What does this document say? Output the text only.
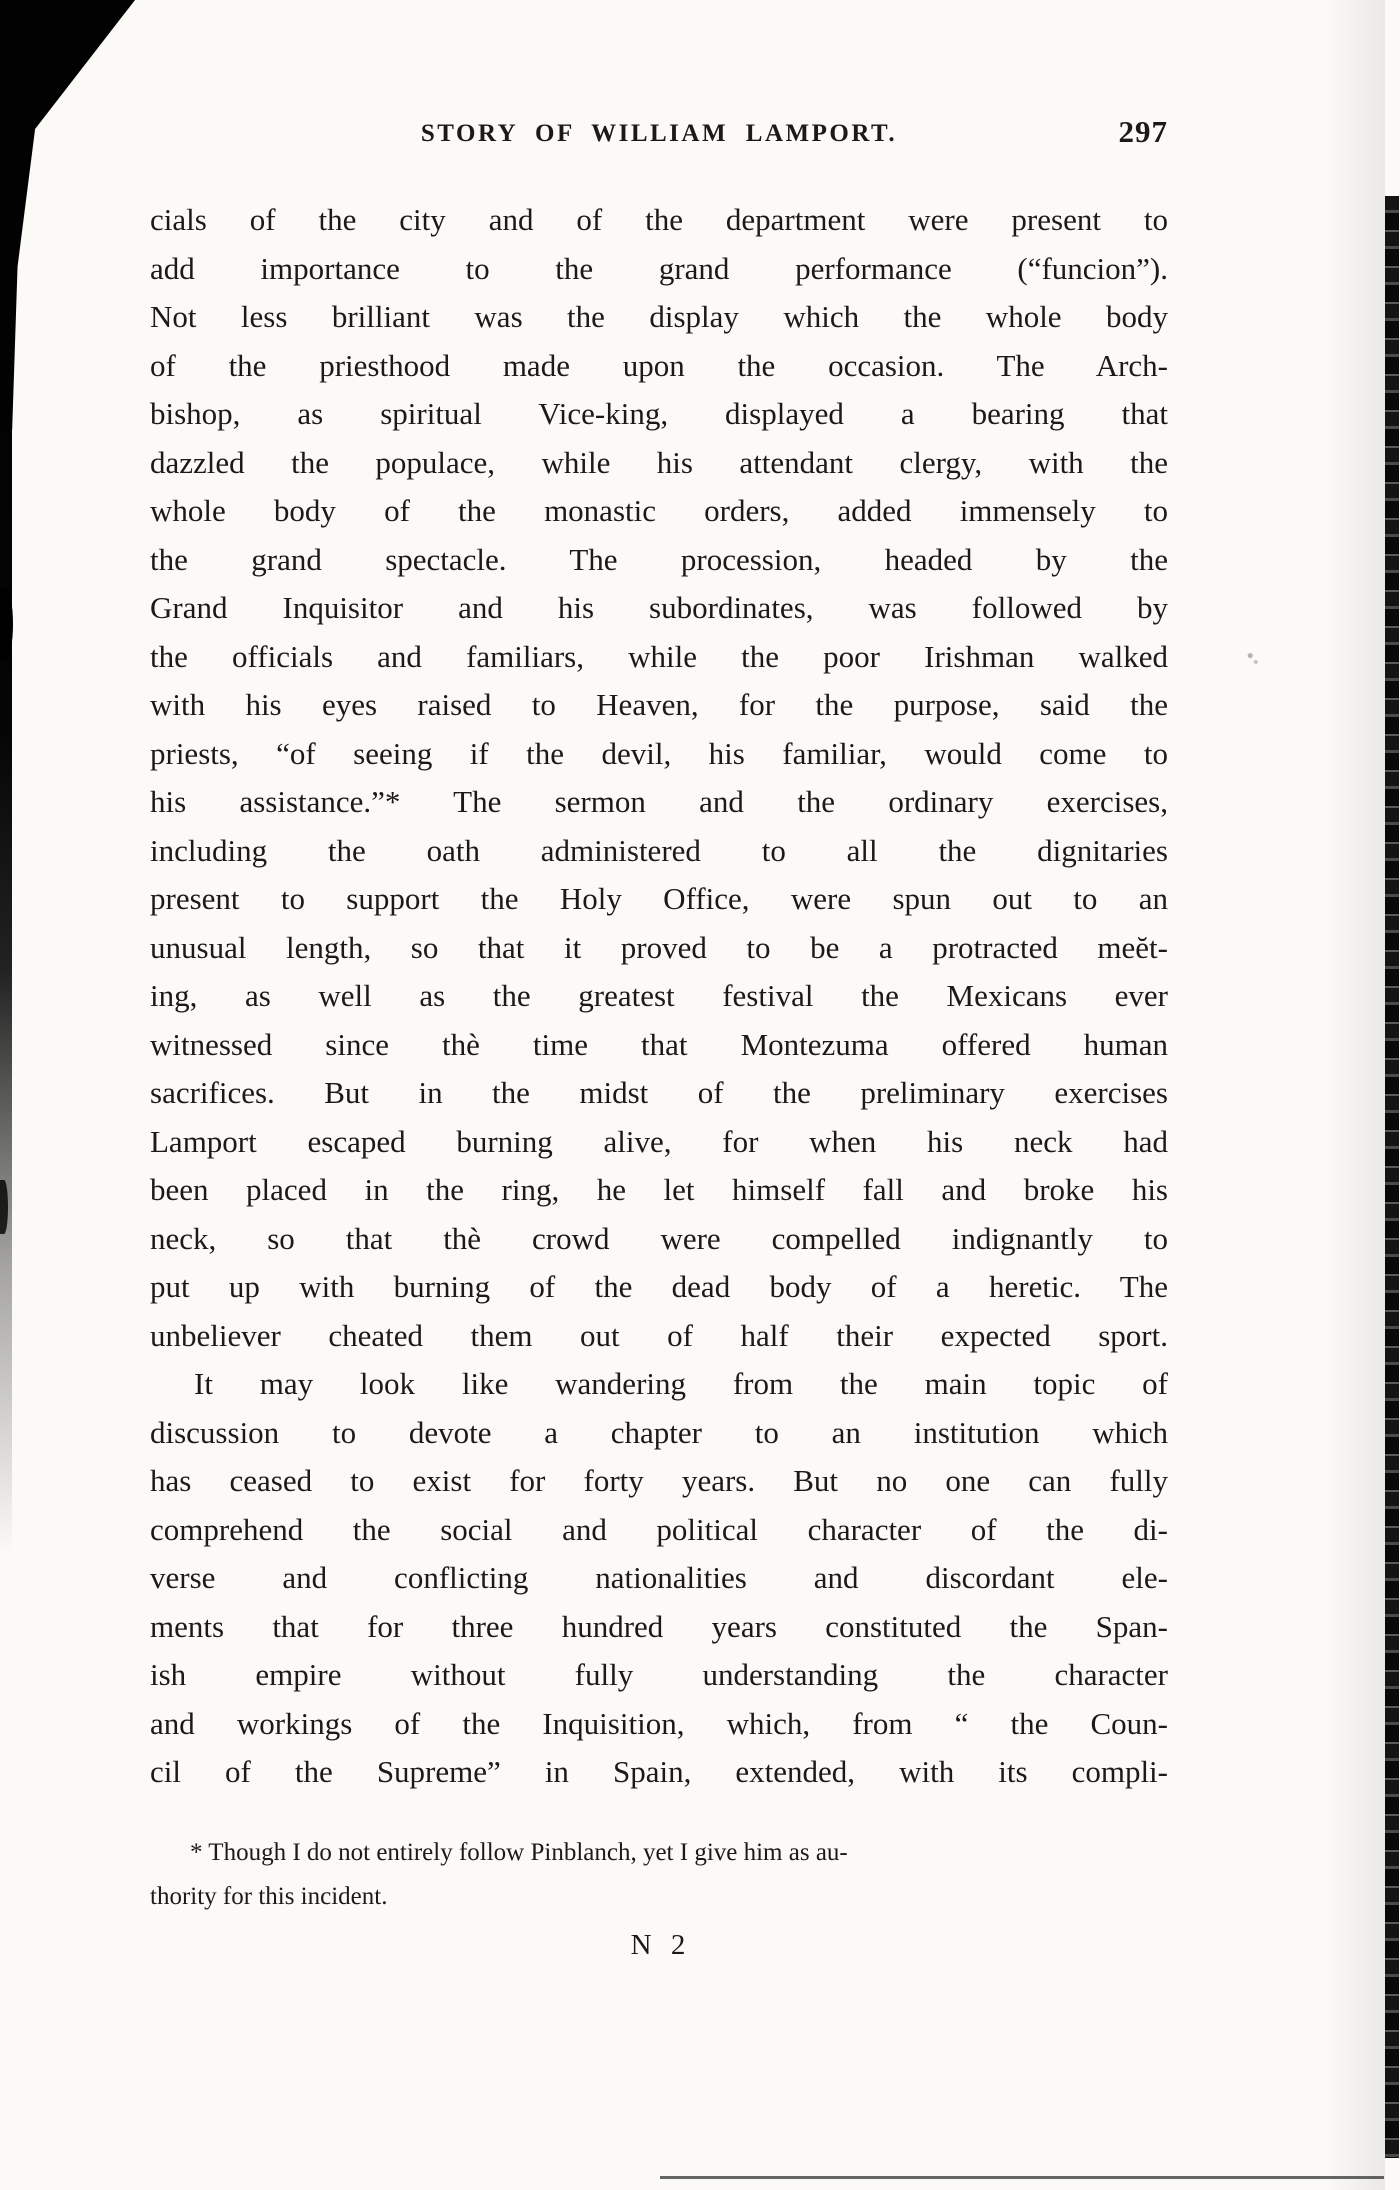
STORY OF WILLIAM LAMPORT.	297
cials of the city and of the department were present to
add importance to the grand performance (“funcion”).
Not less brilliant was the display which the whole body
of the priesthood made upon the occasion. The Arch-
bishop, as spiritual Vice-king, displayed a bearing that
dazzled the populace, while his attendant clergy, with the
whole body of the monastic orders, added immensely to
the grand spectacle. The procession, headed by the
Grand Inquisitor and his subordinates, was followed by
the officials and familiars, while the poor Irishman walked
with his eyes raised to Heaven, for the purpose, said the
priests, “of seeing if the devil, his familiar, would come to
his assistance.”* The sermon and the ordinary exercises,
including the oath administered to all the dignitaries
present to support the Holy Office, were spun out to an
unusual length, so that it proved to be a protracted meĕt-
ing, as well as the greatest festival the Mexicans ever
witnessed since thè time that Montezuma offered human
sacrifices. But in the midst of the preliminary exercises
Lamport escaped burning alive, for when his neck had
been placed in the ring, he let himself fall and broke his
neck, so that thè crowd were compelled indignantly to
put up with burning of the dead body of a heretic. The
unbeliever cheated them out of half their expected sport.
It may look like wandering from the main topic of
discussion to devote a chapter to an institution which
has ceased to exist for forty years. But no one can fully
comprehend the social and political character of the di-
verse and conflicting nationalities and discordant ele-
ments that for three hundred years constituted the Span-
ish empire without fully understanding the character
and workings of the Inquisition, which, from “ the Coun-
cil of the Supreme” in Spain, extended, with its compli-
* Though I do not entirely follow Pinblanch, yet I give him as au-
thority for this incident.
N 2
